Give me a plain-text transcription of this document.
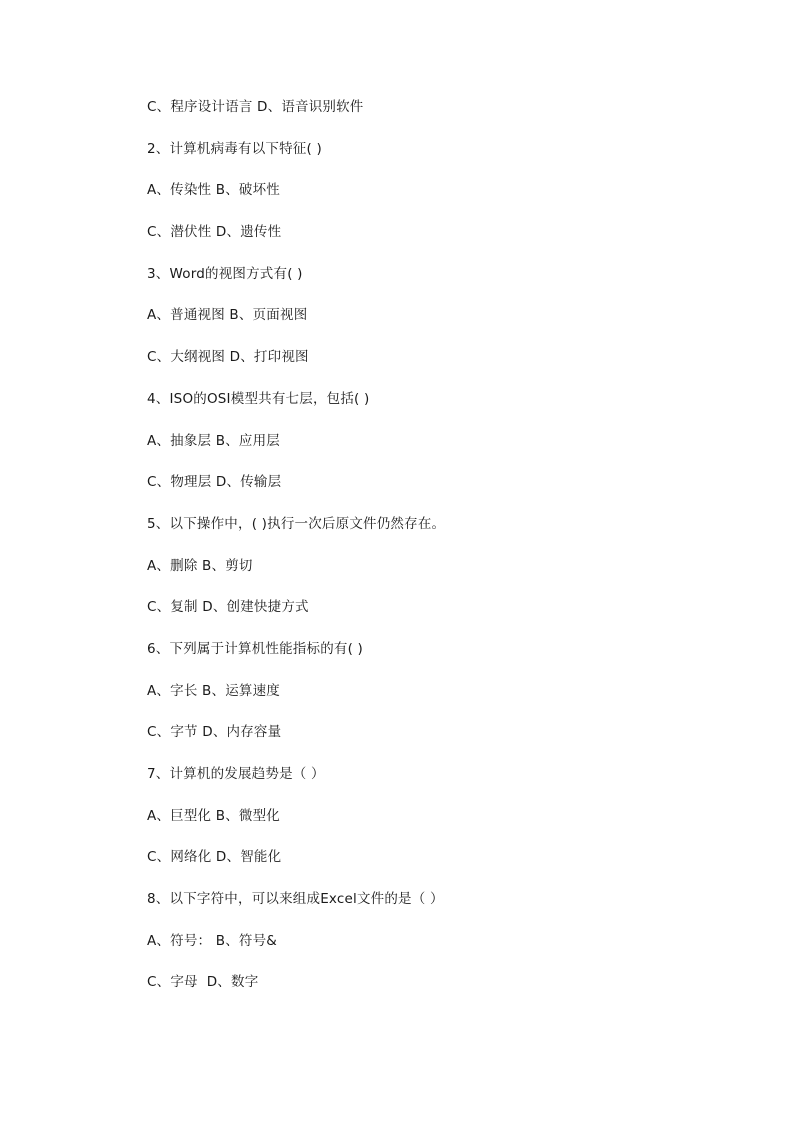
C、程序设计语言 D、语音识别软件
2、计算机病毒有以下特征( )
A、传染性 B、破坏性
C、潜伏性 D、遗传性
3、Word的视图方式有( )
A、普通视图 B、页面视图
C、大纲视图 D、打印视图
4、ISO的OSI模型共有七层，包括( )
A、抽象层 B、应用层
C、物理层 D、传输层
5、以下操作中，( )执行一次后原文件仍然存在。
A、删除 B、剪切
C、复制 D、创建快捷方式
6、下列属于计算机性能指标的有( )
A、字长 B、运算速度
C、字节 D、内存容量
7、计算机的发展趋势是（ ）
A、巨型化 B、微型化
C、网络化 D、智能化
8、以下字符中，可以来组成Excel文件的是（ ）
A、符号： B、符号&
C、字母  D、数字
